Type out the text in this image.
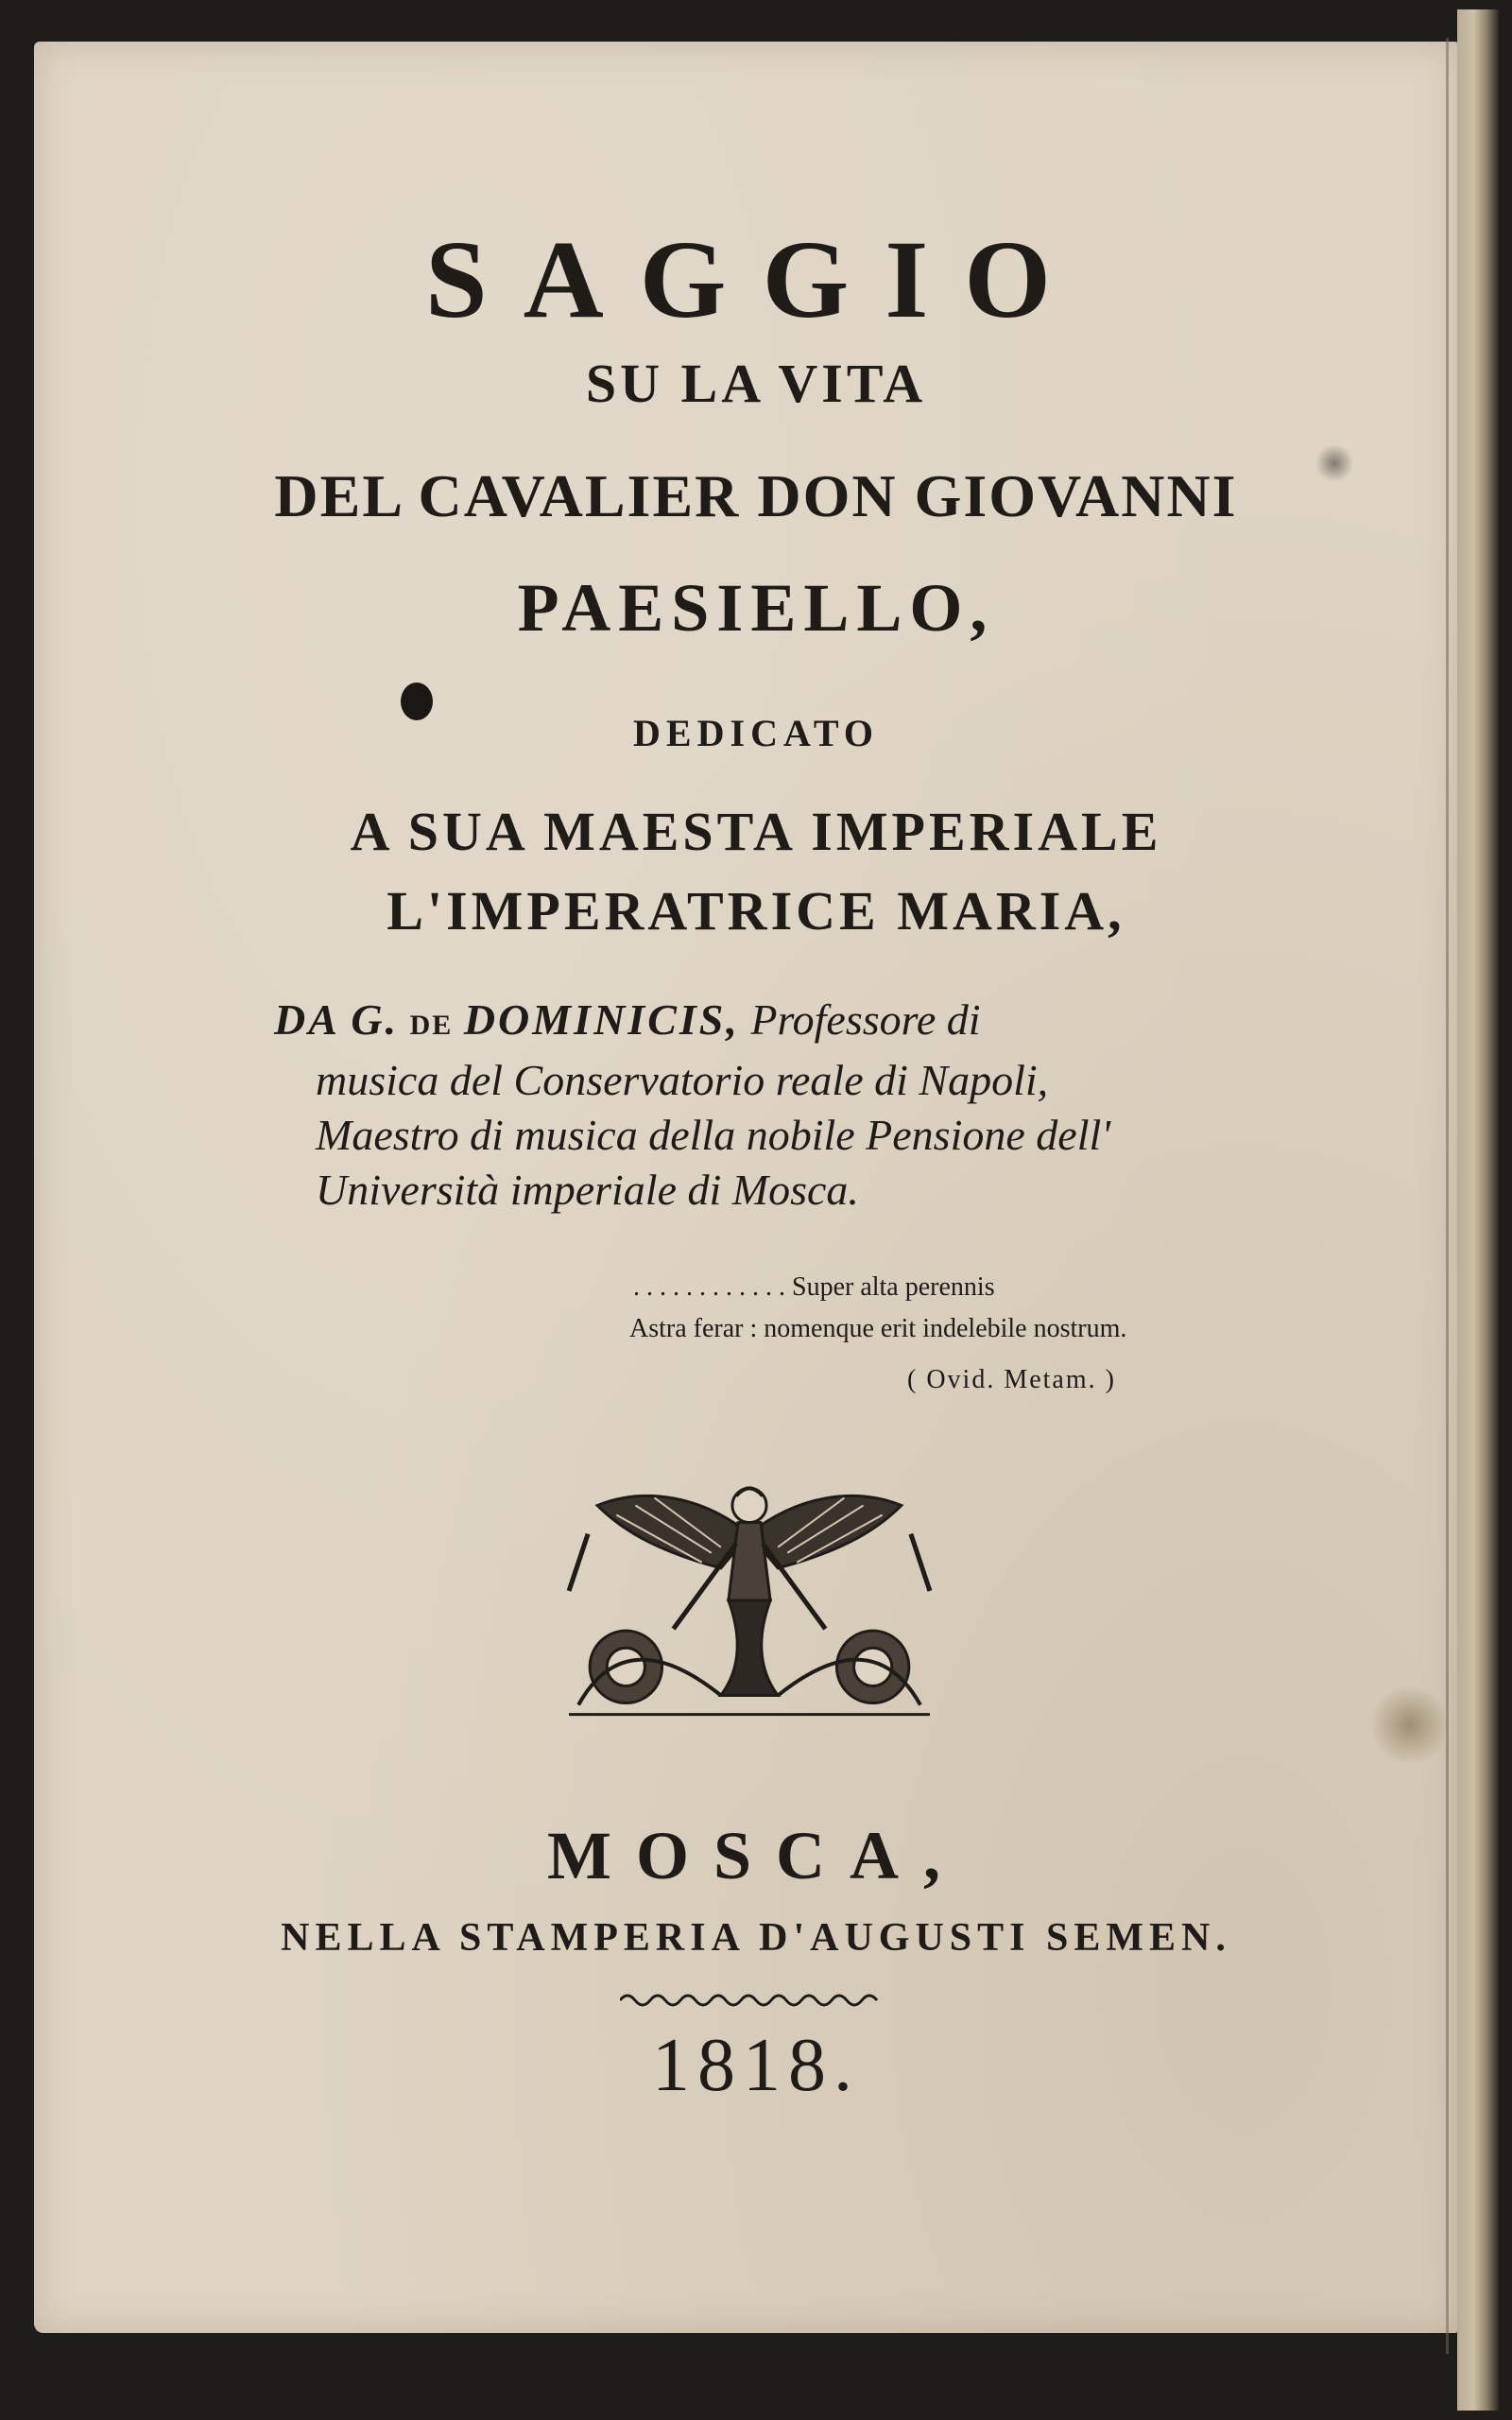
SAGGIO
SU LA VITA
DEL CAVALIER DON GIOVANNI
PAESIELLO,
DEDICATO
A SUA MAESTA IMPERIALE
L'IMPERATRICE MARIA,
DA G. DE DOMINICIS, Professore di
musica del Conservatorio reale di Napoli,
Maestro di musica della nobile Pensione dell'
Università imperiale di Mosca.
. . . . . . . . . . . . Super alta perennis
Astra ferar : nomenque erit indelebile nostrum.
( Ovid. Metam. )
MOSCA,
NELLA STAMPERIA D'AUGUSTI SEMEN.
1818.
